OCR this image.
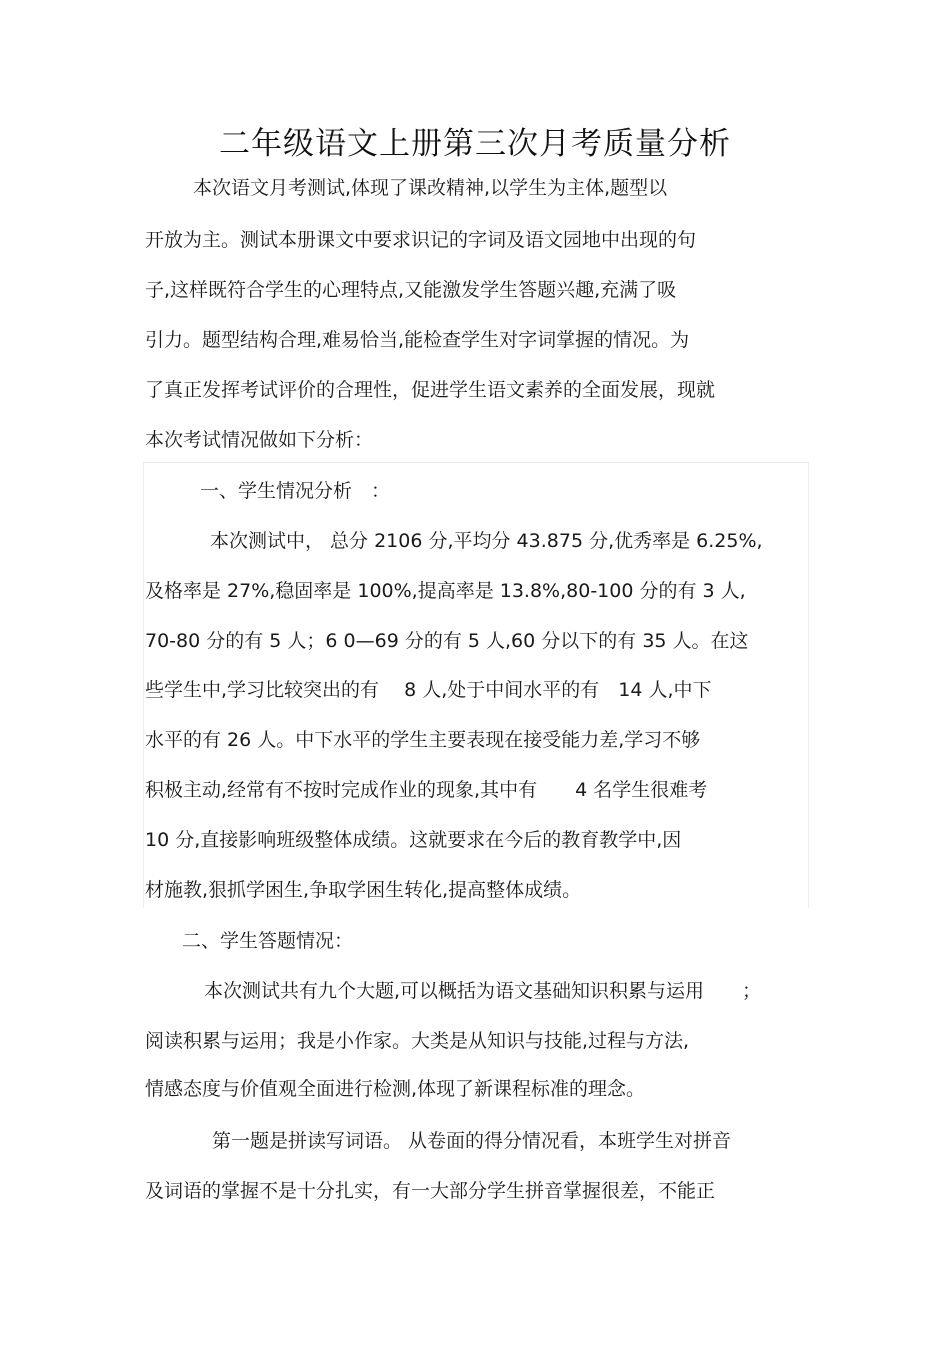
二年级语文上册第三次月考质量分析
　本次语文月考测试,体现了课改精神,以学生为主体,题型以
开放为主。测试本册课文中要求识记的字词及语文园地中出现的句
子,这样既符合学生的心理特点,又能激发学生答题兴趣,充满了吸
引力。题型结构合理,难易恰当,能检查学生对字词掌握的情况。为
了真正发挥考试评价的合理性，促进学生语文素养的全面发展，现就
本次考试情况做如下分析：
一、学生情况分析　：
本次测试中， 总分 2106 分,平均分 43.875 分,优秀率是 6.25%,
及格率是 27%,稳固率是 100%,提高率是 13.8%,80-100 分的有 3 人,
70-80 分的有 5 人；6 0—69 分的有 5 人,60 分以下的有 35 人。在这
些学生中,学习比较突出的有　 8 人,处于中间水平的有　14 人,中下
水平的有 26 人。中下水平的学生主要表现在接受能力差,学习不够
积极主动,经常有不按时完成作业的现象,其中有　　4 名学生很难考
10 分,直接影响班级整体成绩。这就要求在今后的教育教学中,因
材施教,狠抓学困生,争取学困生转化,提高整体成绩。
二、学生答题情况：
本次测试共有九个大题,可以概括为语文基础知识积累与运用　　；
阅读积累与运用；我是小作家。大类是从知识与技能,过程与方法,
情感态度与价值观全面进行检测,体现了新课程标准的理念。
第一题是拼读写词语。 从卷面的得分情况看，本班学生对拼音
及词语的掌握不是十分扎实，有一大部分学生拼音掌握很差，不能正
